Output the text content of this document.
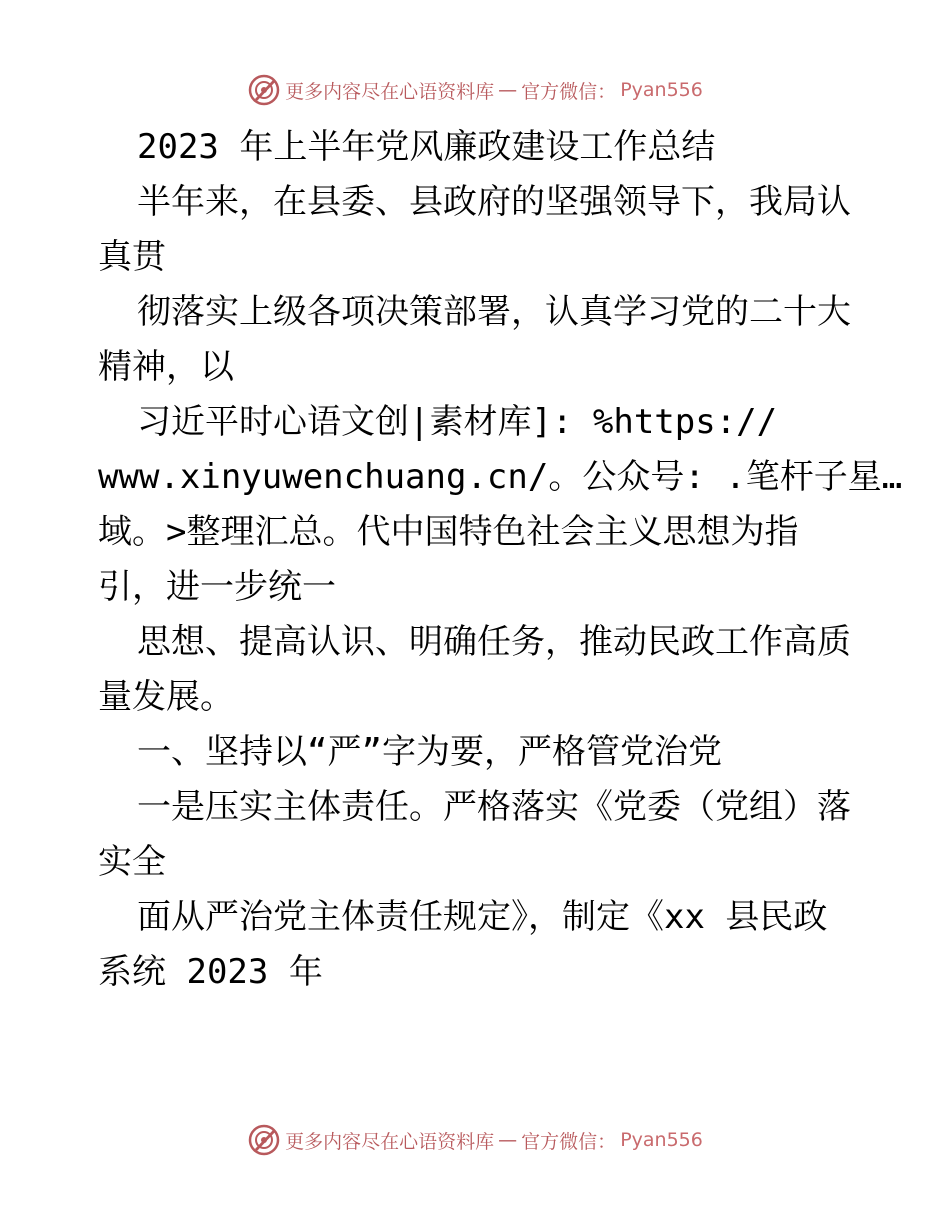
更多内容尽在心语资料库 — 官方微信： Pyan556
2023 年上半年党风廉政建设工作总结
半年来，在县委、县政府的坚强领导下，我局认
真贯
彻落实上级各项决策部署，认真学习党的二十大
精神，以
习近平时心语文创|素材库]: %https://
www.xinyuwenchuang.cn/。公众号: .笔杆子星…
域。>整理汇总。代中国特色社会主义思想为指
引，进一步统一
思想、提高认识、明确任务，推动民政工作高质
量发展。
一、坚持以“严”字为要，严格管党治党
一是压实主体责任。严格落实《党委（党组）落
实全
面从严治党主体责任规定》，制定《xx 县民政
系统 2023 年
更多内容尽在心语资料库 — 官方微信： Pyan556
